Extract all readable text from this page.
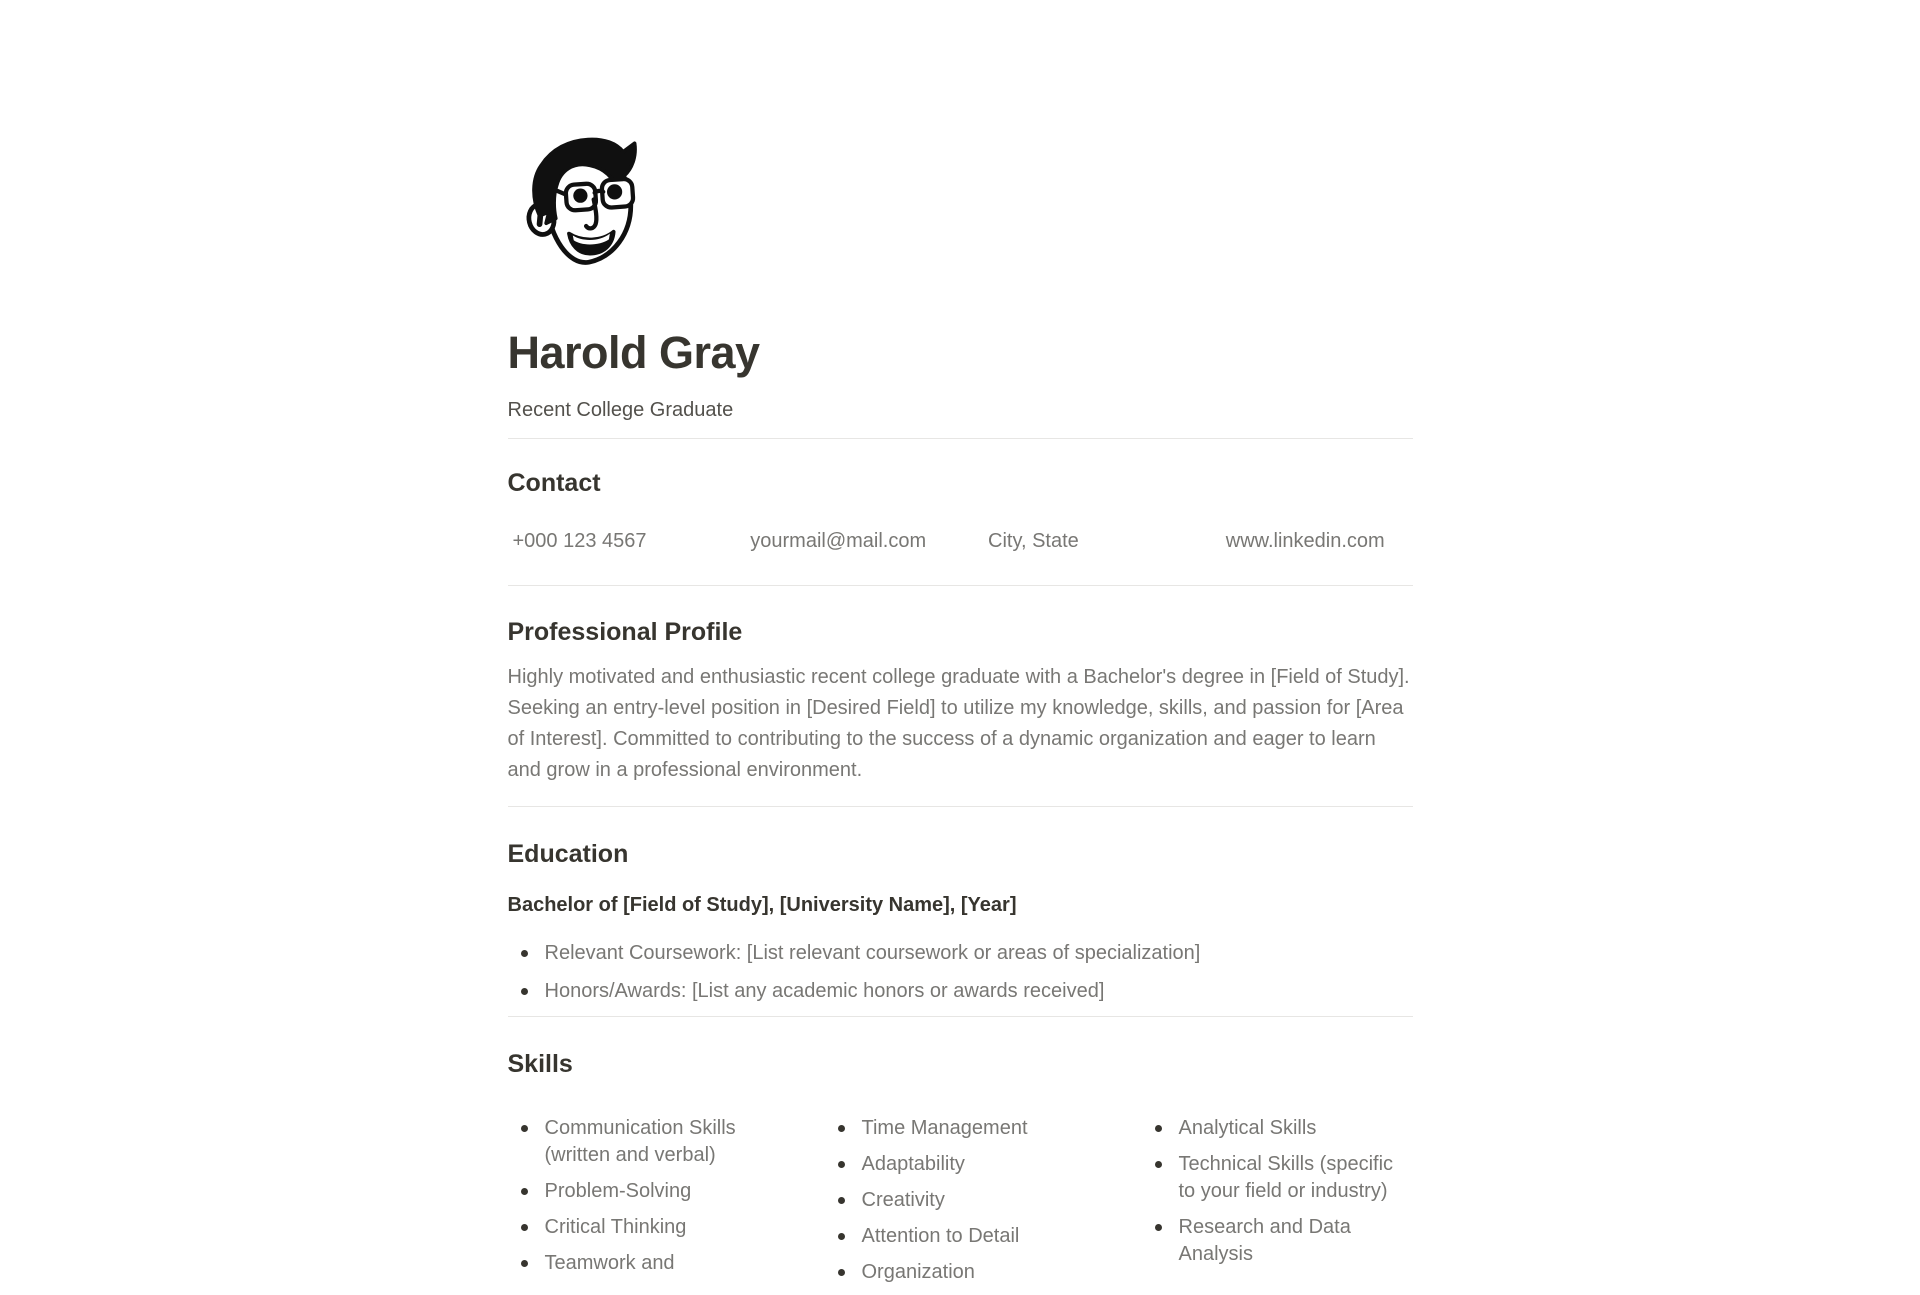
Harold Gray
Recent College Graduate
Contact
+000 123 4567	yourmail@mail.com	City, State	www.linkedin.com
Professional Profile

Highly motivated and enthusiastic recent college graduate with a Bachelor's degree in [Field of Study]. Seeking an entry-level position in [Desired Field] to utilize my knowledge, skills, and passion for [Area of Interest]. Committed to contributing to the success of a dynamic organization and eager to learn and grow in a professional environment.

Education
Bachelor of [Field of Study], [University Name], [Year]
Relevant Coursework: [List relevant coursework or areas of specialization]
Honors/Awards: [List any academic honors or awards received]
Skills
Communication Skills (written and verbal)
Problem-Solving
Critical Thinking
Teamwork and
Time Management
Adaptability
Creativity
Attention to Detail
Organization
Analytical Skills
Technical Skills (specific to your field or industry)
Research and Data Analysis
